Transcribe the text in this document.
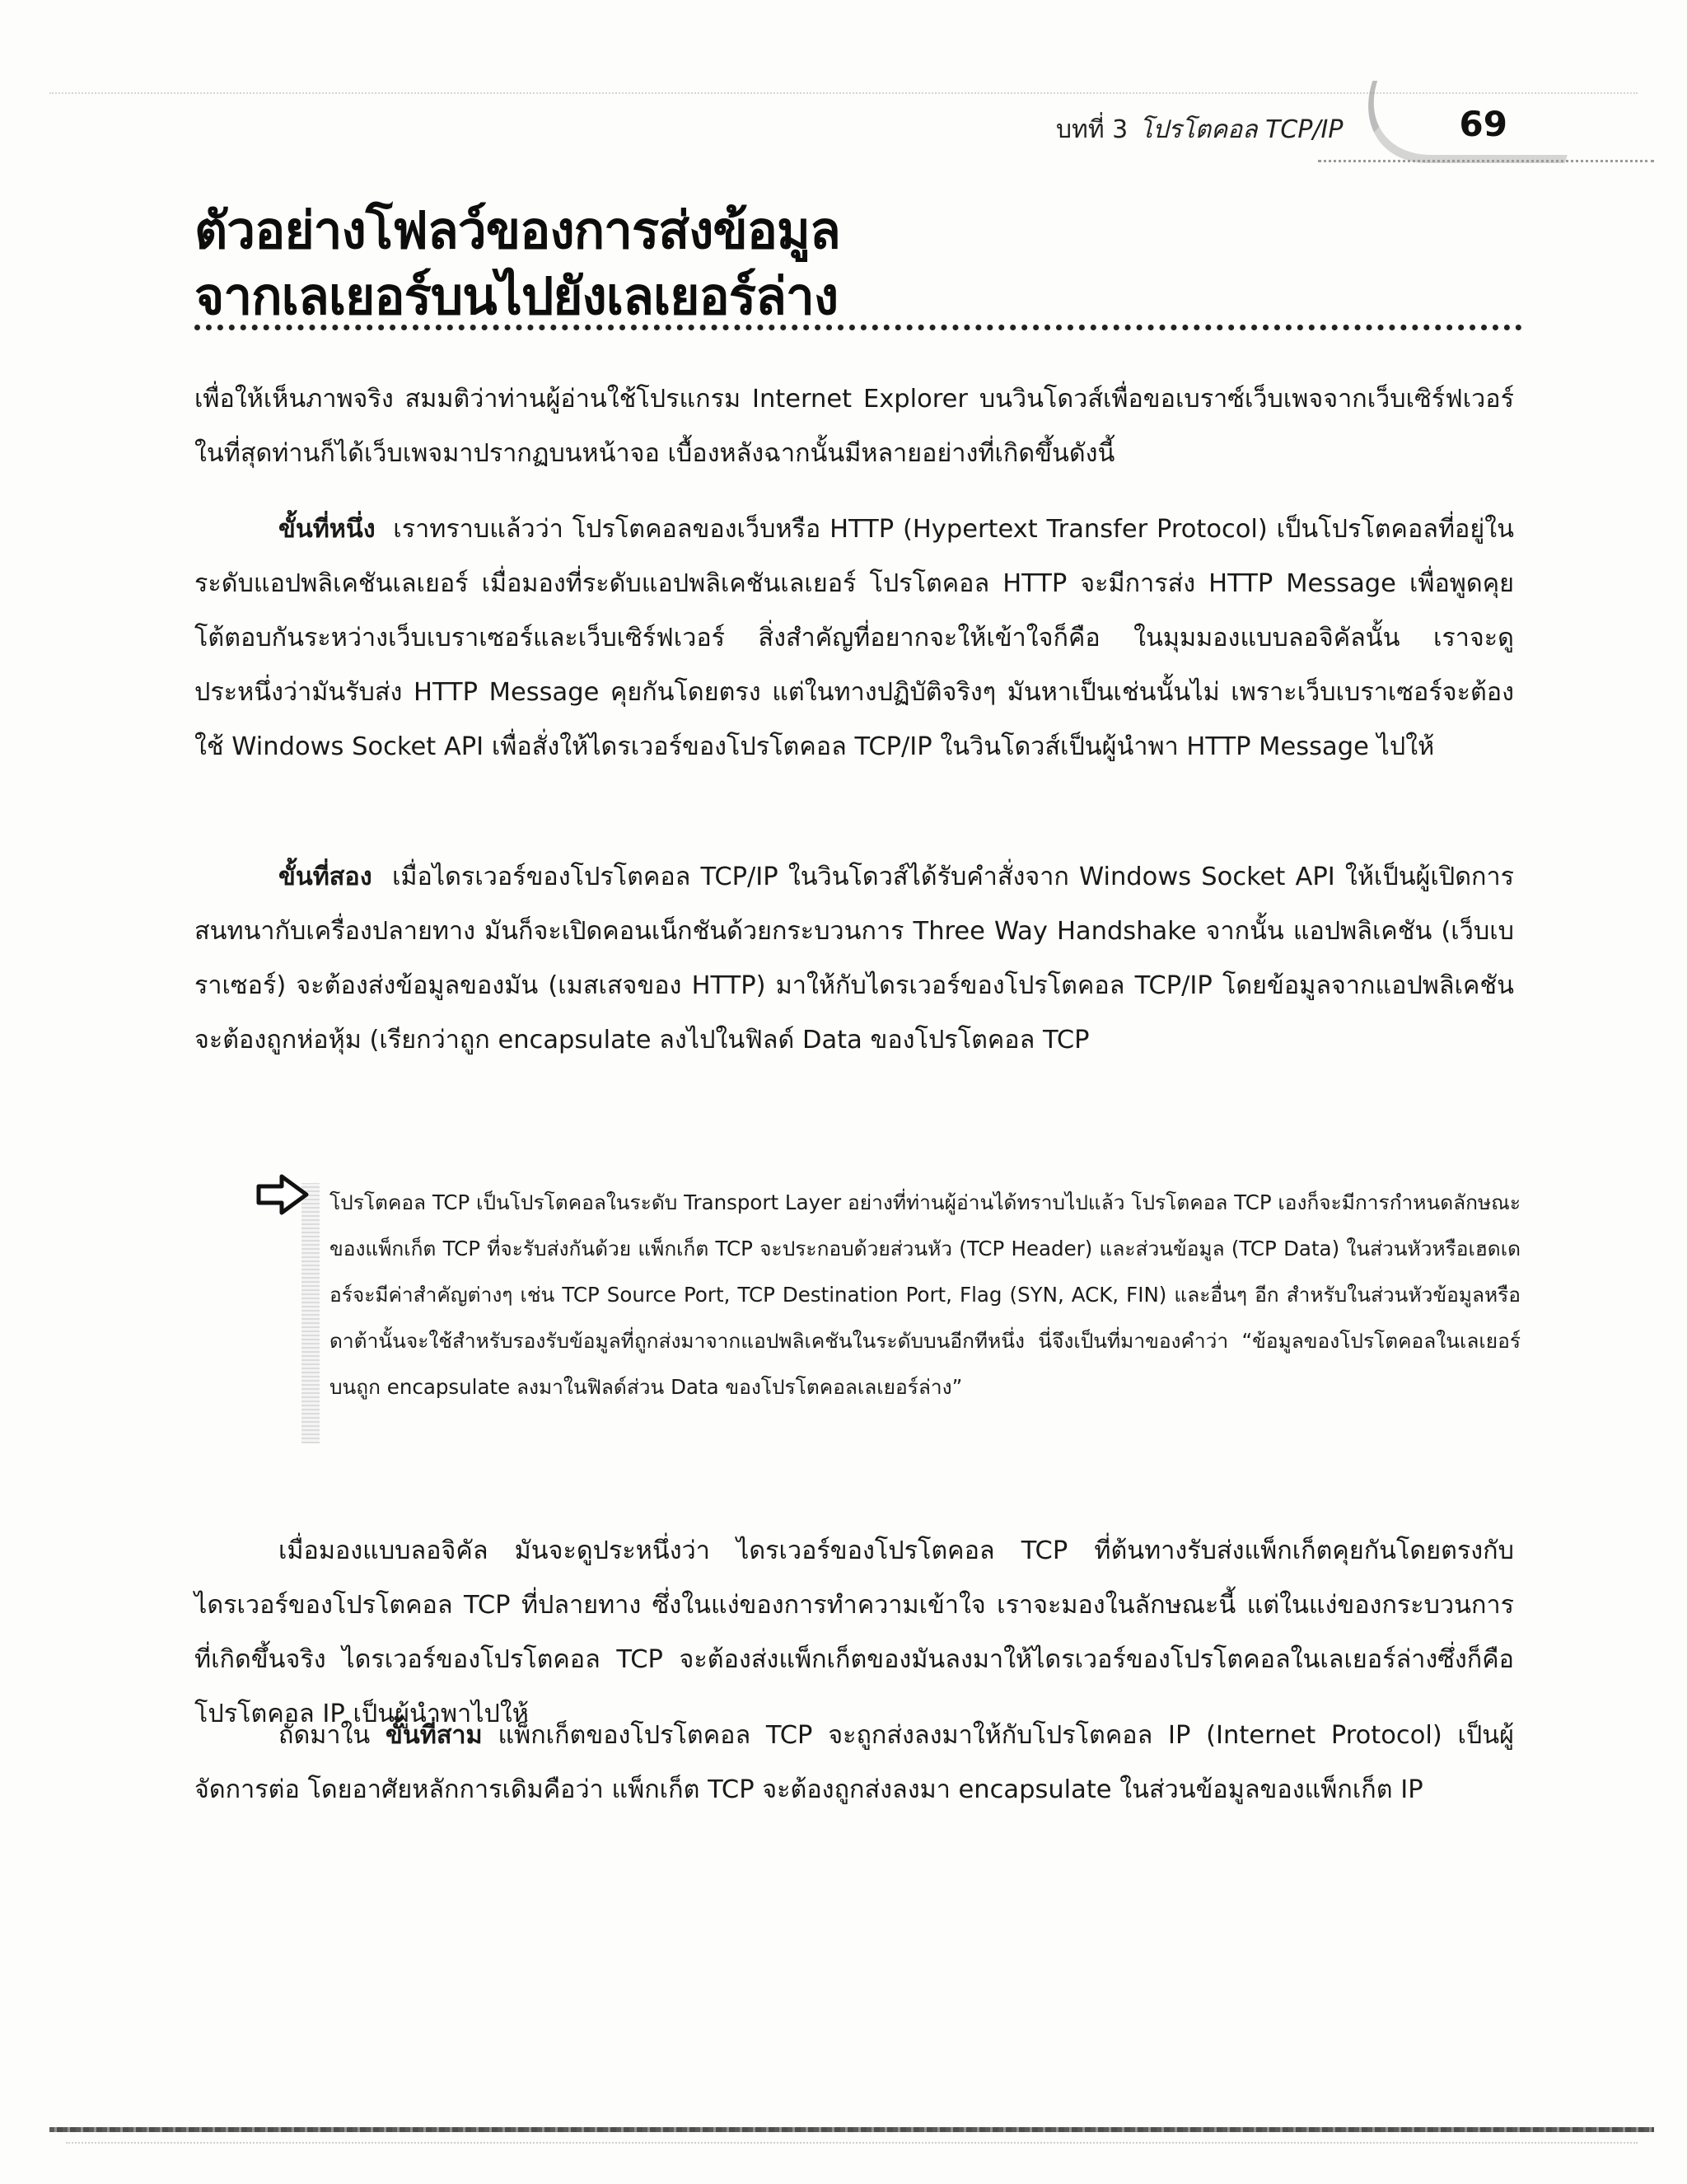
บทที่ 3 โปรโตคอล TCP/IP	69
ตัวอย่างโฟลว์ของการส่งข้อมูล
จากเลเยอร์บนไปยังเลเยอร์ล่าง
เพื่อให้เห็นภาพจริง สมมติว่าท่านผู้อ่านใช้โปรแกรม Internet Explorer บนวินโดวส์เพื่อขอเบราซ์เว็บเพจจากเว็บเซิร์ฟเวอร์ ในที่สุดท่านก็ได้เว็บเพจมาปรากฏบนหน้าจอ เบื้องหลังฉากนั้นมีหลายอย่างที่เกิดขึ้นดังนี้
ขั้นที่หนึ่ง เราทราบแล้วว่า โปรโตคอลของเว็บหรือ HTTP (Hypertext Transfer Protocol) เป็นโปรโตคอลที่อยู่ในระดับแอปพลิเคชันเลเยอร์ เมื่อมองที่ระดับแอปพลิเคชันเลเยอร์ โปรโตคอล HTTP จะมีการส่ง HTTP Message เพื่อพูดคุยโต้ตอบกันระหว่างเว็บเบราเซอร์และเว็บเซิร์ฟเวอร์ สิ่งสำคัญที่อยากจะให้เข้าใจก็คือ ในมุมมองแบบลอจิคัลนั้น เราจะดูประหนึ่งว่ามันรับส่ง HTTP Message คุยกันโดยตรง แต่ในทางปฏิบัติจริงๆ มันหาเป็นเช่นนั้นไม่ เพราะเว็บเบราเซอร์จะต้องใช้ Windows Socket API เพื่อสั่งให้ไดรเวอร์ของโปรโตคอล TCP/IP ในวินโดวส์เป็นผู้นำพา HTTP Message ไปให้
ขั้นที่สอง เมื่อไดรเวอร์ของโปรโตคอล TCP/IP ในวินโดวส์ได้รับคำสั่งจาก Windows Socket API ให้เป็นผู้เปิดการสนทนากับเครื่องปลายทาง มันก็จะเปิดคอนเน็กชันด้วยกระบวนการ Three Way Handshake จากนั้น แอปพลิเคชัน (เว็บเบราเซอร์) จะต้องส่งข้อมูลของมัน (เมสเสจของ HTTP) มาให้กับไดรเวอร์ของโปรโตคอล TCP/IP โดยข้อมูลจากแอปพลิเคชันจะต้องถูกห่อหุ้ม (เรียกว่าถูก encapsulate ลงไปในฟิลด์ Data ของโปรโตคอล TCP
โปรโตคอล TCP เป็นโปรโตคอลในระดับ Transport Layer อย่างที่ท่านผู้อ่านได้ทราบไปแล้ว โปรโตคอล TCP เองก็จะมีการกำหนดลักษณะของแพ็กเก็ต TCP ที่จะรับส่งกันด้วย แพ็กเก็ต TCP จะประกอบด้วยส่วนหัว (TCP Header) และส่วนข้อมูล (TCP Data) ในส่วนหัวหรือเฮดเดอร์จะมีค่าสำคัญต่างๆ เช่น TCP Source Port, TCP Destination Port, Flag (SYN, ACK, FIN) และอื่นๆ อีก สำหรับในส่วนหัวข้อมูลหรือดาต้านั้นจะใช้สำหรับรองรับข้อมูลที่ถูกส่งมาจากแอปพลิเคชันในระดับบนอีกทีหนึ่ง นี่จึงเป็นที่มาของคำว่า “ข้อมูลของโปรโตคอลในเลเยอร์บนถูก encapsulate ลงมาในฟิลด์ส่วน Data ของโปรโตคอลเลเยอร์ล่าง”
เมื่อมองแบบลอจิคัล มันจะดูประหนึ่งว่า ไดรเวอร์ของโปรโตคอล TCP ที่ต้นทางรับส่งแพ็กเก็ตคุยกันโดยตรงกับไดรเวอร์ของโปรโตคอล TCP ที่ปลายทาง ซึ่งในแง่ของการทำความเข้าใจ เราจะมองในลักษณะนี้ แต่ในแง่ของกระบวนการที่เกิดขึ้นจริง ไดรเวอร์ของโปรโตคอล TCP จะต้องส่งแพ็กเก็ตของมันลงมาให้ไดรเวอร์ของโปรโตคอลในเลเยอร์ล่างซึ่งก็คือโปรโตคอล IP เป็นผู้นำพาไปให้
ถัดมาใน ขั้นที่สาม แพ็กเก็ตของโปรโตคอล TCP จะถูกส่งลงมาให้กับโปรโตคอล IP (Internet Protocol) เป็นผู้จัดการต่อ โดยอาศัยหลักการเดิมคือว่า แพ็กเก็ต TCP จะต้องถูกส่งลงมา encapsulate ในส่วนข้อมูลของแพ็กเก็ต IP
